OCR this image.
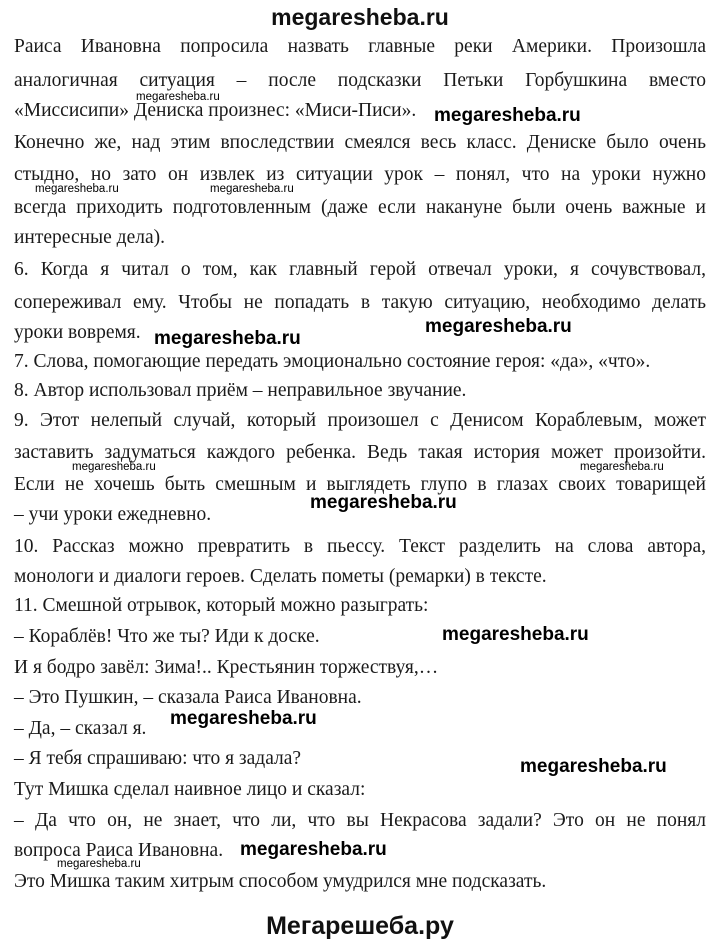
megaresheba.ru
Раиса Ивановна попросила назвать главные реки Америки. Произошла
аналогичная ситуация – после подсказки Петьки Горбушкина вместо
«Миссисипи» Дениска произнес: «Миси-Писи».
Конечно же, над этим впоследствии смеялся весь класс. Дениске было очень
стыдно, но зато он извлек из ситуации урок – понял, что на уроки нужно
всегда приходить подготовленным (даже если накануне были очень важные и
интересные дела).
6. Когда я читал о том, как главный герой отвечал уроки, я сочувствовал,
сопереживал ему. Чтобы не попадать в такую ситуацию, необходимо делать
уроки вовремя.
7. Слова, помогающие передать эмоционально состояние героя: «да», «что».
8. Автор использовал приём – неправильное звучание.
9. Этот нелепый случай, который произошел с Денисом Кораблевым, может
заставить задуматься каждого ребенка. Ведь такая история может произойти.
Если не хочешь быть смешным и выглядеть глупо в глазах своих товарищей
– учи уроки ежедневно.
10. Рассказ можно превратить в пьессу. Текст разделить на слова автора,
монологи и диалоги героев. Сделать пометы (ремарки) в тексте.
11. Смешной отрывок, который можно разыграть:
– Кораблёв! Что же ты? Иди к доске.
И я бодро завёл: Зима!.. Крестьянин торжествуя,…
– Это Пушкин, – сказала Раиса Ивановна.
– Да, – сказал я.
– Я тебя спрашиваю: что я задала?
Тут Мишка сделал наивное лицо и сказал:
– Да что он, не знает, что ли, что вы Некрасова задали? Это он не понял
вопроса Раиса Ивановна.
Это Мишка таким хитрым способом умудрился мне подсказать.
megaresheba.ru
megaresheba.ru
megaresheba.ru	megaresheba.ru
megaresheba.ru
megaresheba.ru
megaresheba.ru	megaresheba.ru
megaresheba.ru
megaresheba.ru
megaresheba.ru
megaresheba.ru
megaresheba.ru
megaresheba.ru
Мегарешеба.ру
